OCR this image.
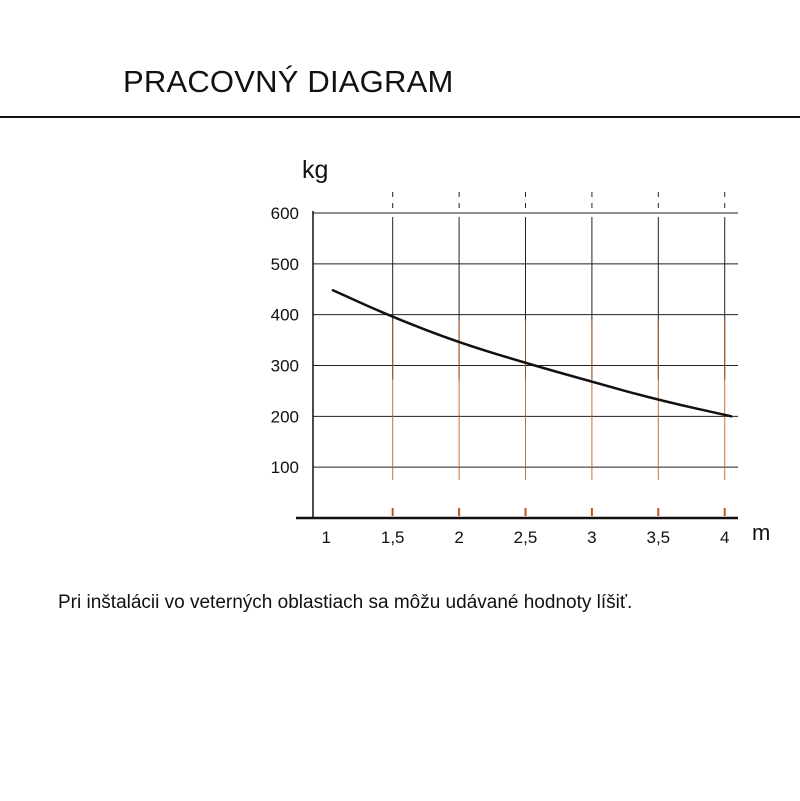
PRACOVNÝ DIAGRAM
100
200
300
400
500
600
1	1,5	2	2,5	3	3,5	4
kg
m
Pri inštalácii vo veterných oblastiach sa môžu udávané hodnoty líšiť.
